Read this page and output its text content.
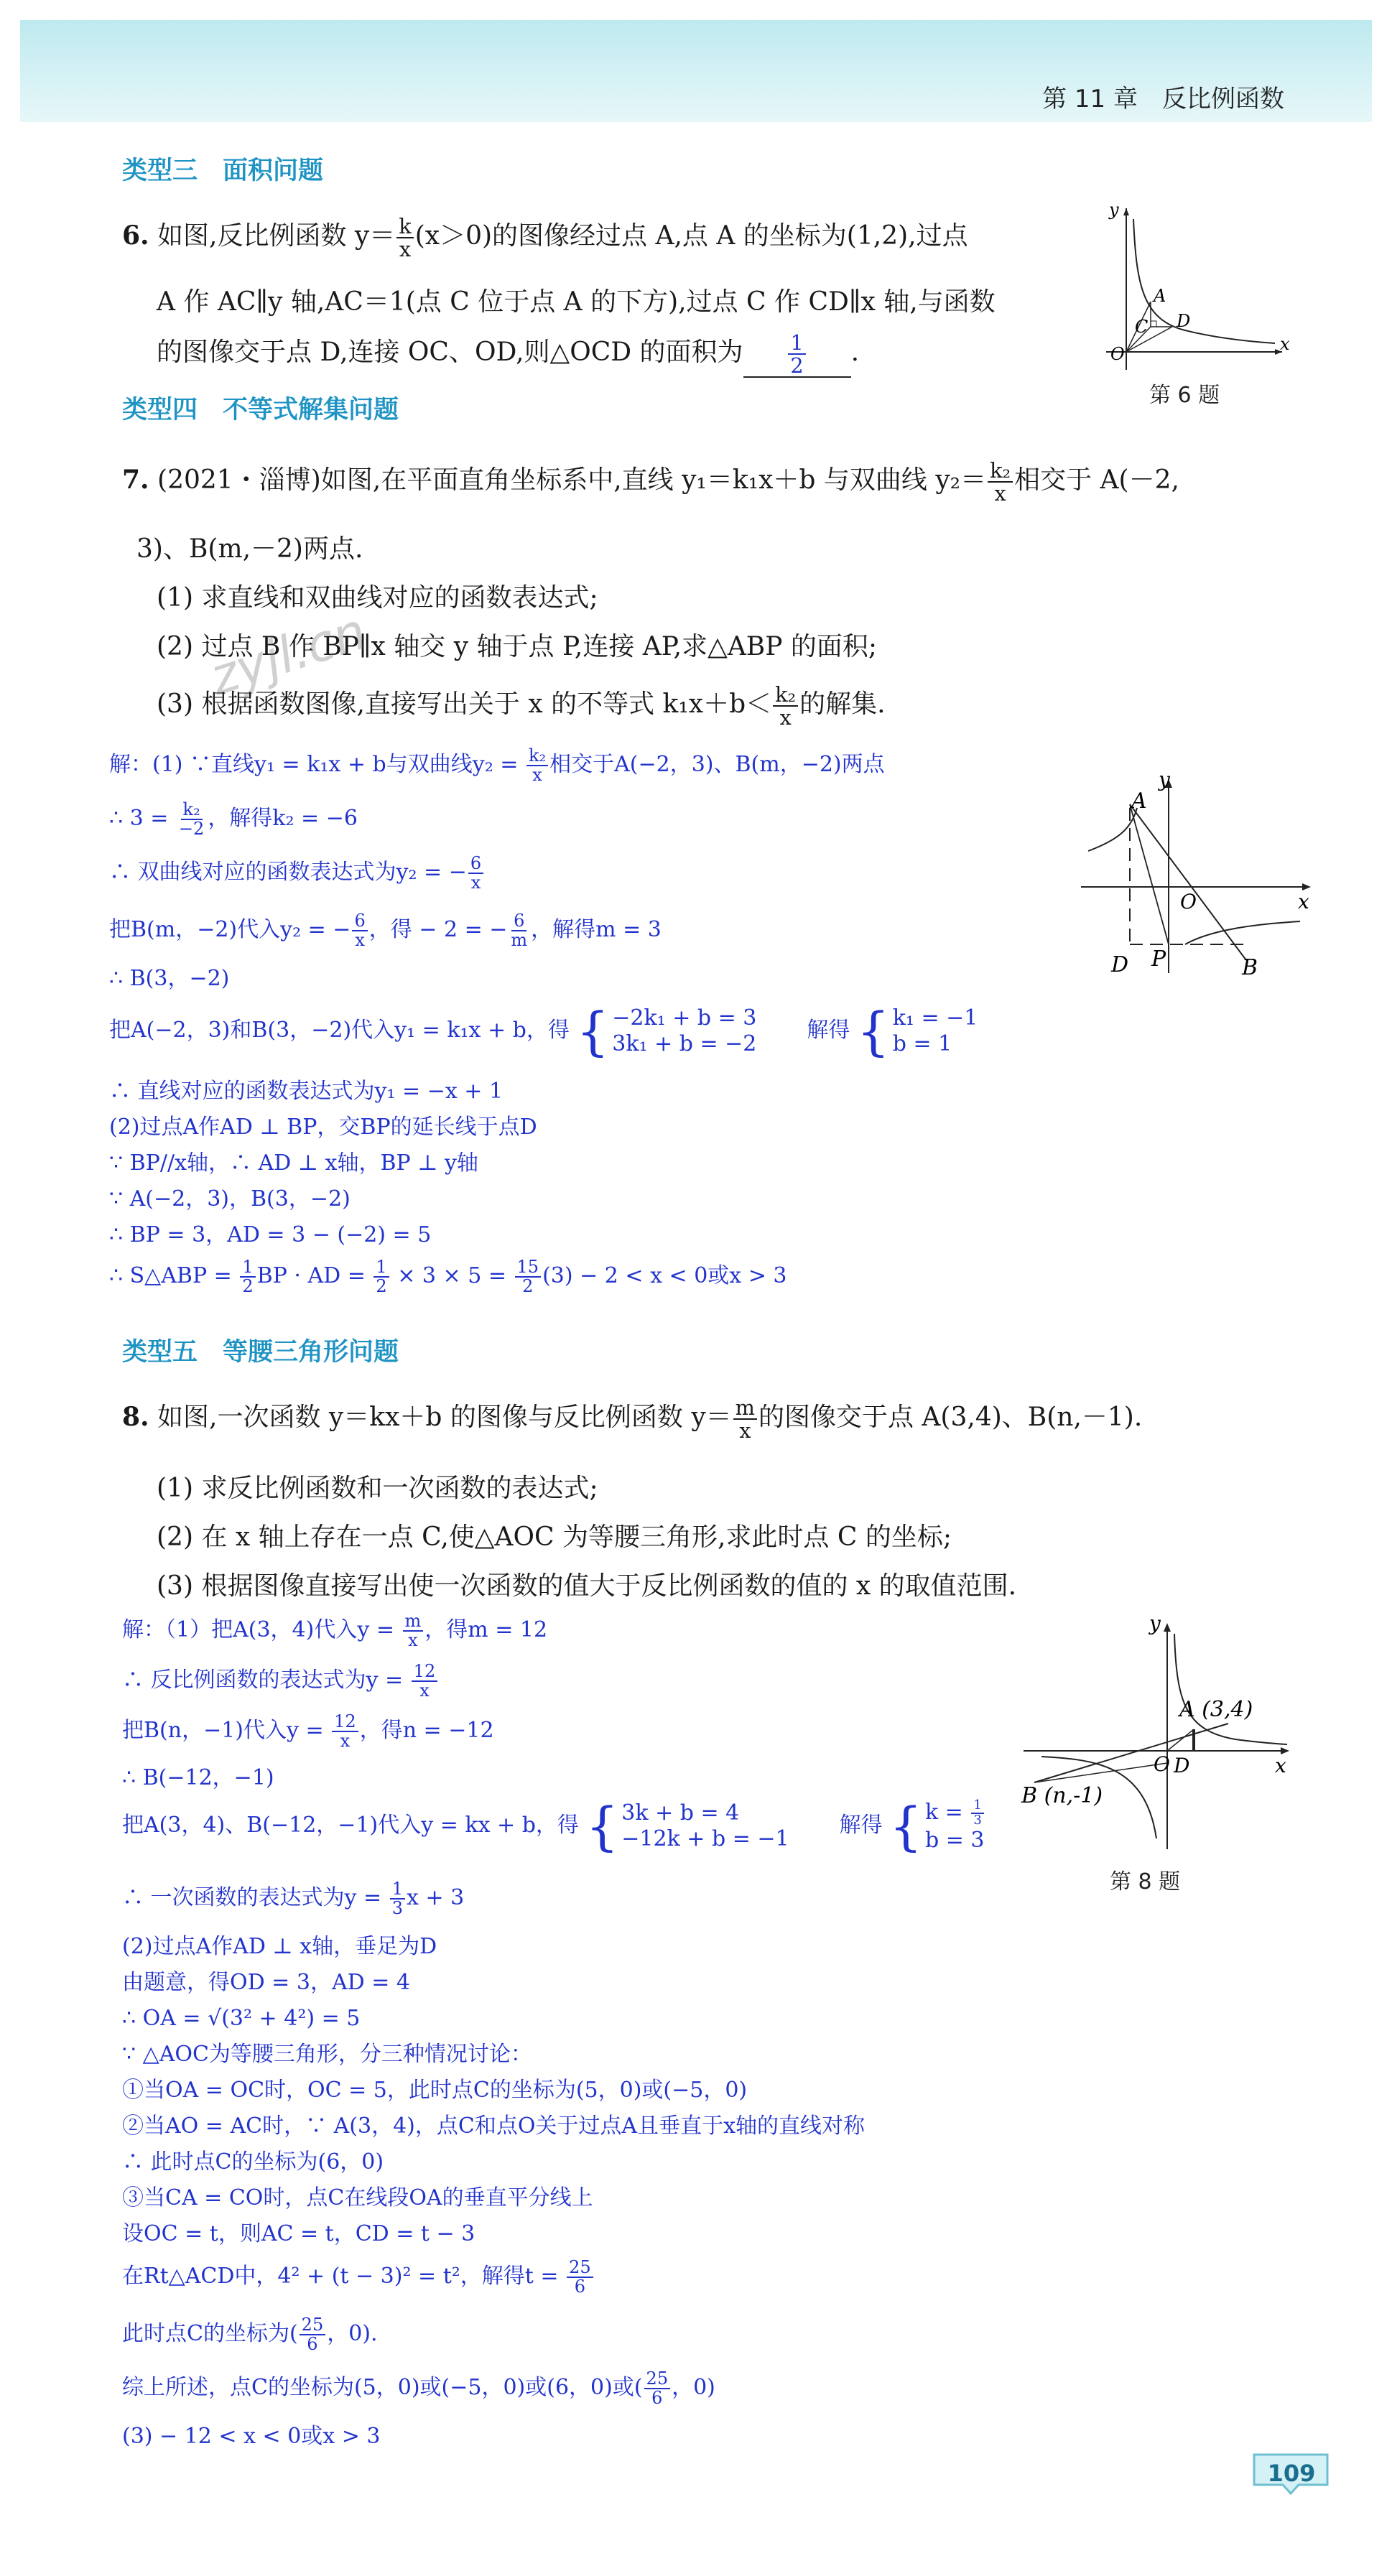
第 11 章　反比例函数
类型三　面积问题
6. 如图,反比例函数 $y= \frac{k}{x} (x>0)$的图像经过点 A,点 A 的坐标为(1,2),过点
A 作 AC∥y 轴,AC＝1(点 C 位于点 A 的下方),过点 C 作 CD∥x 轴,与函数
的图像交于点 D,连接 OC、OD,则△OCD 的面积为 $\frac{1}{2}$ .
y
x
O
A
C D
第 6 题
类型四　不等式解集问题
7. (2021・淄博)如图,在平面直角坐标系中,直线 y₁＝k₁x＋b 与双曲线 $y_2= \frac{\text{k₂}}{x}$ 相交于 A(－2,
3)、B(m,－2)两点.
(1) 求直线和双曲线对应的函数表达式;
(2) 过点 B 作 BP∥x 轴交 y 轴于点 P,连接 AP,求△ABP 的面积;
zyjl.cn
(3) 根据函数图像,直接写出关于 x 的不等式 $k_1x+b< \frac{\text{k₂}}{x}$ 的解集.
解：(1) ∵直线y₁ = k₁x + b与双曲线$y_2 = \frac{\text{k₂}}{x}$ 相交于A(−2，3)、B(m，−2)两点
∴ $3 = \frac{\text{k₂}}{-2}$ ，解得k₂ = −6
∴ 双曲线对应的函数表达式为y₂ = − $\frac{6}{x}$
把B(m，−2)代入y₂ = − $\frac{6}{x}$ ，得 − 2 = − $\frac{6}{m}$ ，解得m = 3
∴ B(3，−2)
把A(−2，3)和B(3，−2)代入y₁ = k₁x + b，得 { −2k₁ + b = 3
3k₁ + b = −2
解得 { k₁ = −1
b = 1
∴ 直线对应的函数表达式为y₁ = −x + 1
(2)过点A作AD ⊥ BP，交BP的延长线于点D
∵ BP//x轴，∴ AD ⊥ x轴，BP ⊥ y轴
∵ A(−2，3)，B(3，−2)
∴ BP = 3，AD = 3 − (−2) = 5
∴ S△ABP = $\frac{1}{2}$ BP · AD = $\frac{1}{2} \times 3 \times 5 = \frac{15}{2} (3) - 2 < x < 0$或x > 3
A
y
x
O
D P	B
类型五　等腰三角形问题
8. 如图,一次函数 y＝kx＋b 的图像与反比例函数 $y= \frac{m}{x}$ 的图像交于点 A(3,4)、B(n,－1).
(1) 求反比例函数和一次函数的表达式;
(2) 在 x 轴上存在一点 C,使△AOC 为等腰三角形,求此时点 C 的坐标;
(3) 根据图像直接写出使一次函数的值大于反比例函数的值的 x 的取值范围.
y
x
O D
A (3,4)
B (n,-1)
第 8 题
解：（1）把A(3，4)代入$y = \frac{m}{x}$ ，得m = 12
∴ 反比例函数的表达式为$y = \frac{12}{x}$
把B(n，−1)代入$y = \frac{12}{x}$ ，得n = −12
∴ B(−12，−1)
把A(3，4)、B(−12，−1)代入y = kx + b，得 { 3k + b = 4
−12k + b = −1
解得 { $k = \frac{1}{3}$
b = 3
∴ 一次函数的表达式为$y = \frac{1}{3}$ x + 3
(2)过点A作AD ⊥ x轴，垂足为D
由题意，得OD = 3，AD = 4
∴ OA = √(3² + 4²) = 5
∵ △AOC为等腰三角形，分三种情况讨论：
①当OA = OC时，OC = 5，此时点C的坐标为(5，0)或(−5，0)
②当AO = AC时，∵ A(3，4)，点C和点O关于过点A且垂直于x轴的直线对称
∴ 此时点C的坐标为(6，0)
③当CA = CO时，点C在线段OA的垂直平分线上
设OC = t，则AC = t，CD = t − 3
在Rt△ACD中，4² + (t − 3)² = t²，解得$t = \frac{25}{6}$
此时点C的坐标为( $\frac{25}{6}$ ，0).
综上所述，点C的坐标为(5，0)或(−5，0)或(6，0)或( $\frac{25}{6}$ ，0)
(3) − 12 < x < 0或x > 3
109
